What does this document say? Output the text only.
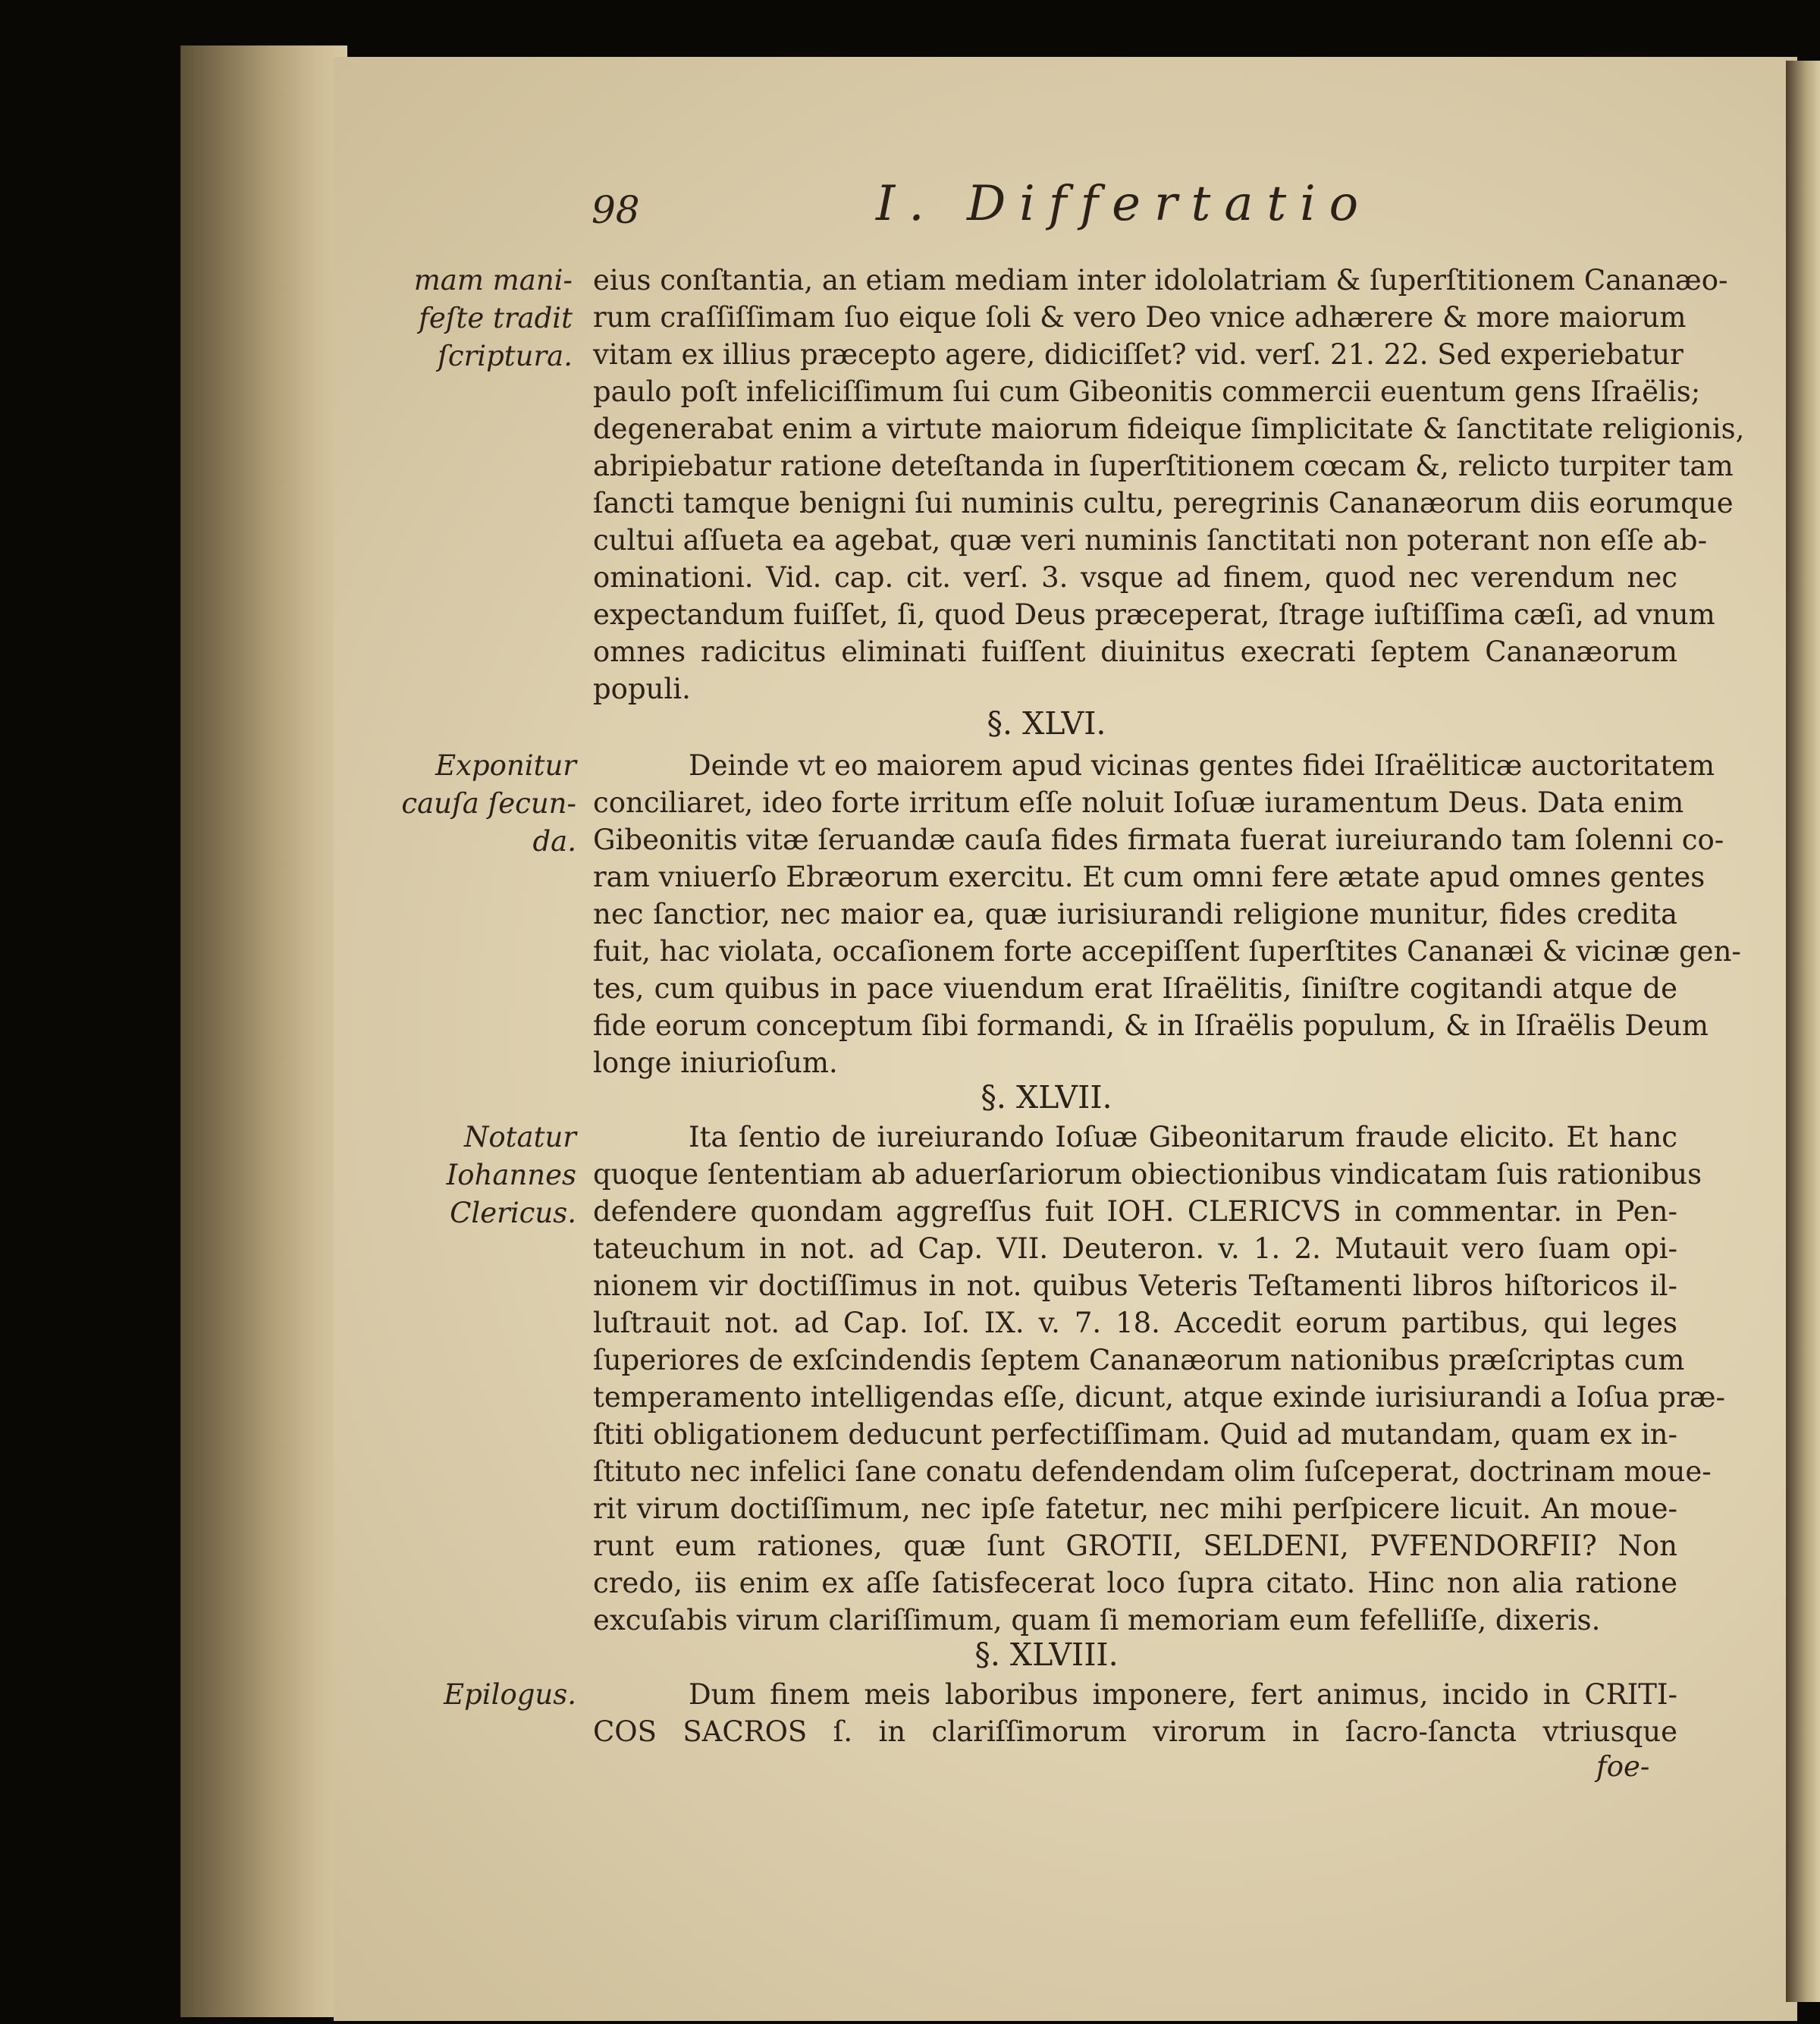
98	I. Differtatio
mam mani-
feſte tradit
ſcriptura.
Exponitur
cauſa ſecun-
da.
Notatur
Iohannes
Clericus.
Epilogus.
eius conſtantia, an etiam mediam inter idololatriam & ſuperſtitionem Cananæo-
rum craſſiſſimam ſuo eique ſoli & vero Deo vnice adhærere & more maiorum
vitam ex illius præcepto agere, didiciſſet? vid. verſ. 21. 22. Sed experiebatur
paulo poſt infeliciſſimum ſui cum Gibeonitis commercii euentum gens Iſraëlis;
degenerabat enim a virtute maiorum fideique ſimplicitate & ſanctitate religionis,
abripiebatur ratione deteſtanda in ſuperſtitionem cœcam &, relicto turpiter tam
ſancti tamque benigni ſui numinis cultu, peregrinis Cananæorum diis eorumque
cultui aſſueta ea agebat, quæ veri numinis ſanctitati non poterant non eſſe ab-
ominationi. Vid. cap. cit. verſ. 3. vsque ad finem, quod nec verendum nec
expectandum fuiſſet, ſi, quod Deus præceperat, ſtrage iuſtiſſima cæſi, ad vnum
omnes radicitus eliminati fuiſſent diuinitus execrati ſeptem Cananæorum
populi.
§. XLVI.
Deinde vt eo maiorem apud vicinas gentes fidei Iſraëliticæ auctoritatem
conciliaret, ideo forte irritum eſſe noluit Ioſuæ iuramentum Deus. Data enim
Gibeonitis vitæ ſeruandæ cauſa fides firmata fuerat iureiurando tam ſolenni co-
ram vniuerſo Ebræorum exercitu. Et cum omni fere ætate apud omnes gentes
nec ſanctior, nec maior ea, quæ iurisiurandi religione munitur, fides credita
fuit, hac violata, occaſionem forte accepiſſent ſuperſtites Cananæi & vicinæ gen-
tes, cum quibus in pace viuendum erat Iſraëlitis, ſiniſtre cogitandi atque de
fide eorum conceptum ſibi formandi, & in Iſraëlis populum, & in Iſraëlis Deum
longe iniurioſum.
§. XLVII.
Ita ſentio de iureiurando Ioſuæ Gibeonitarum fraude elicito. Et hanc
quoque ſententiam ab aduerſariorum obiectionibus vindicatam ſuis rationibus
defendere quondam aggreſſus fuit IOH. CLERICVS in commentar. in Pen-
tateuchum in not. ad Cap. VII. Deuteron. v. 1. 2. Mutauit vero ſuam opi-
nionem vir doctiſſimus in not. quibus Veteris Teſtamenti libros hiſtoricos il-
luſtrauit not. ad Cap. Ioſ. IX. v. 7. 18. Accedit eorum partibus, qui leges
ſuperiores de exſcindendis ſeptem Cananæorum nationibus præſcriptas cum
temperamento intelligendas eſſe, dicunt, atque exinde iurisiurandi a Ioſua præ-
ſtiti obligationem deducunt perfectiſſimam. Quid ad mutandam, quam ex in-
ſtituto nec infelici ſane conatu defendendam olim ſuſceperat, doctrinam moue-
rit virum doctiſſimum, nec ipſe fatetur, nec mihi perſpicere licuit. An moue-
runt eum rationes, quæ ſunt GROTII, SELDENI, PVFENDORFII? Non
credo, iis enim ex aſſe ſatisfecerat loco ſupra citato. Hinc non alia ratione
excuſabis virum clariſſimum, quam ſi memoriam eum fefelliſſe, dixeris.
§. XLVIII.
Dum finem meis laboribus imponere, fert animus, incido in CRITI-
COS SACROS ſ. in clariſſimorum virorum in ſacro-ſancta vtriusque
foe-
